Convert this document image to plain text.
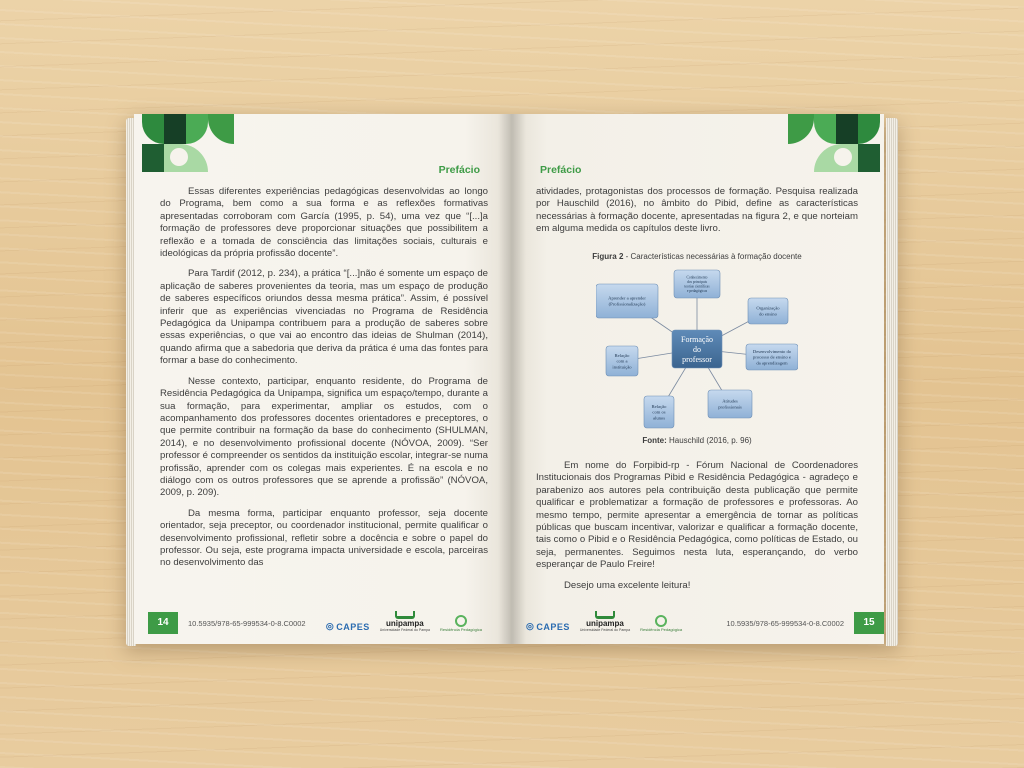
Prefácio

Essas diferentes experiências pedagógicas desenvolvidas ao longo do Programa, bem como a sua forma e as reflexões formativas apresentadas corroboram com García (1995, p. 54), uma vez que “[...]a formação de professores deve proporcionar situações que possibilitem a reflexão e a tomada de consciência das limitações sociais, culturais e ideológicas da própria profissão docente”.

Para Tardif (2012, p. 234), a prática “[...]não é somente um espaço de aplicação de saberes provenientes da teoria, mas um espaço de produção de saberes específicos oriundos dessa mesma prática”. Assim, é possível inferir que as experiências vivenciadas no Programa de Residência Pedagógica da Unipampa contribuem para a produção de saberes sobre essas experiências, o que vai ao encontro das ideias de Shulman (2014), quando afirma que a sabedoria que deriva da prática é uma das fontes para formar a base do conhecimento.

Nesse contexto, participar, enquanto residente, do Programa de Residência Pedagógica da Unipampa, significa um espaço/tempo, durante a sua formação, para experimentar, ampliar os estudos, com o acompanhamento dos professores docentes orientadores e preceptores, o que permite contribuir na formação da base do conhecimento (SHULMAN, 2014), e no desenvolvimento profissional docente (NÓVOA, 2009). “Ser professor é compreender os sentidos da instituição escolar, integrar-se numa profissão, aprender com os colegas mais experientes. É na escola e no diálogo com os outros professores que se aprende a profissão” (NÓVOA, 2009, p. 209).

Da mesma forma, participar enquanto professor, seja docente orientador, seja preceptor, ou coordenador institucional, permite qualificar o desenvolvimento profissional, refletir sobre a docência e sobre o papel do professor. Ou seja, este programa impacta universidade e escola, parceiras no desenvolvimento das

14	10.5935/978-65-999534-0-8.C0002 ◎ CAPES unipampa
Universidade Federal do Pampa	Residência Pedagógica
Prefácio

atividades, protagonistas dos processos de formação. Pesquisa realizada por Hauschild (2016), no âmbito do Pibid, define as características necessárias à formação docente, apresentadas na figura 2, e que norteiam em alguma medida os capítulos deste livro.

Figura 2 - Características necessárias à formação docente
Conhecimento
dos principais
teorias científicas
e pedagógicas
Organização
do ensino
Desenvolvimento do
processo de ensino e
da aprendizagem
Atitudes
profissionais
Relação
com os
alunos
Relação
com a
instituição
Aprender a aprender
(Profissionalização)
Formação
do
professor
Fonte: Hauschild (2016, p. 96)

Em nome do Forpibid-rp - Fórum Nacional de Coordenadores Institucionais dos Programas Pibid e Residência Pedagógica - agradeço e parabenizo aos autores pela contribuição desta publicação que permite qualificar e problematizar a formação de professores e professoras. Ao mesmo tempo, permite apresentar a emergência de tornar as políticas públicas que buscam incentivar, valorizar e qualificar a formação docente, tais como o Pibid e o Residência Pedagógica, como políticas de Estado, ou seja, permanentes. Seguimos nesta luta, esperançando, do verbo esperançar de Paulo Freire!

Desejo uma excelente leitura!

◎ CAPES unipampa
Universidade Federal do Pampa	Residência Pedagógica
10.5935/978-65-999534-0-8.C0002	15
